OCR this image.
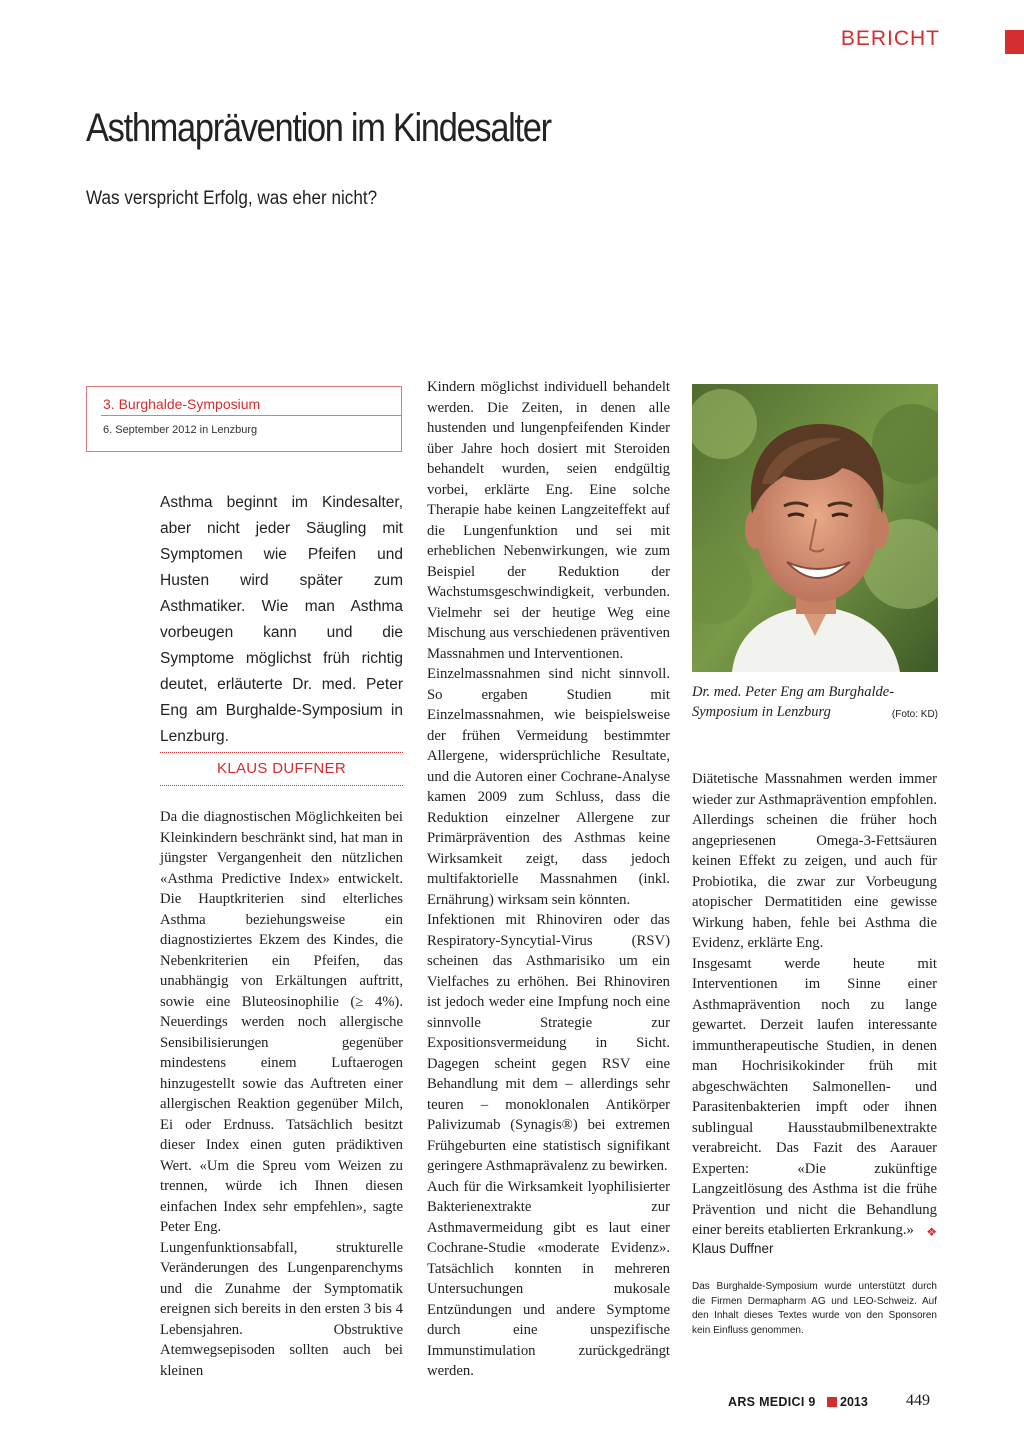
BERICHT
Asthmaprävention im Kindesalter
Was verspricht Erfolg, was eher nicht?
3. Burghalde-Symposium
6. September 2012 in Lenzburg
Asthma beginnt im Kindesalter, aber nicht jeder Säugling mit Symptomen wie Pfeifen und Husten wird später zum Asthmatiker. Wie man Asthma vorbeugen kann und die Symptome möglichst früh richtig deutet, erläuterte Dr. med. Peter Eng am Burghalde-Symposium in Lenzburg.
KLAUS DUFFNER

Da die diagnostischen Möglichkeiten bei Kleinkindern beschränkt sind, hat man in jüngster Vergangenheit den nützlichen «Asthma Predictive Index» entwickelt. Die Hauptkriterien sind elterliches Asthma beziehungsweise ein diagnostiziertes Ekzem des Kindes, die Nebenkriterien ein Pfeifen, das unabhängig von Erkältungen auftritt, sowie eine Bluteosinophilie (≥ 4%). Neuerdings werden noch allergische Sensibilisierungen gegenüber mindestens einem Luftaerogen hinzugestellt sowie das Auftreten einer allergischen Reaktion gegenüber Milch, Ei oder Erdnuss. Tatsächlich besitzt dieser Index einen guten prädiktiven Wert. «Um die Spreu vom Weizen zu trennen, würde ich Ihnen diesen einfachen Index sehr empfehlen», sagte Peter Eng.

Lungenfunktionsabfall, strukturelle Veränderungen des Lungenparenchyms und die Zunahme der Symptomatik ereignen sich bereits in den ersten 3 bis 4 Lebensjahren. Obstruktive Atemwegsepisoden sollten auch bei kleinen

Kindern möglichst individuell behandelt werden. Die Zeiten, in denen alle hustenden und lungenpfeifenden Kinder über Jahre hoch dosiert mit Steroiden behandelt wurden, seien endgültig vorbei, erklärte Eng. Eine solche Therapie habe keinen Langzeiteffekt auf die Lungenfunktion und sei mit erheblichen Nebenwirkungen, wie zum Beispiel der Reduktion der Wachstumsgeschwindigkeit, verbunden. Vielmehr sei der heutige Weg eine Mischung aus verschiedenen präventiven Massnahmen und Interventionen.

Einzelmassnahmen sind nicht sinnvoll. So ergaben Studien mit Einzelmassnahmen, wie beispielsweise der frühen Vermeidung bestimmter Allergene, widersprüchliche Resultate, und die Autoren einer Cochrane-Analyse kamen 2009 zum Schluss, dass die Reduktion einzelner Allergene zur Primärprävention des Asthmas keine Wirksamkeit zeigt, dass jedoch multifaktorielle Massnahmen (inkl. Ernährung) wirksam sein könnten.

Infektionen mit Rhinoviren oder das Respiratory-Syncytial-Virus (RSV) scheinen das Asthmarisiko um ein Vielfaches zu erhöhen. Bei Rhinoviren ist jedoch weder eine Impfung noch eine sinnvolle Strategie zur Expositionsvermeidung in Sicht. Dagegen scheint gegen RSV eine Behandlung mit dem – allerdings sehr teuren – monoklonalen Antikörper Palivizumab (Synagis®) bei extremen Frühgeburten eine statistisch signifikant geringere Asthmaprävalenz zu bewirken.

Auch für die Wirksamkeit lyophilisierter Bakterienextrakte zur Asthmavermeidung gibt es laut einer Cochrane-Studie «moderate Evidenz». Tatsächlich konnten in mehreren Untersuchungen mukosale Entzündungen und andere Symptome durch eine unspezifische Immunstimulation zurückgedrängt werden.

Dr. med. Peter Eng am Burghalde-Symposium in Lenzburg	(Foto: KD)

Diätetische Massnahmen werden immer wieder zur Asthmaprävention empfohlen. Allerdings scheinen die früher hoch angepriesenen Omega-3-Fettsäuren keinen Effekt zu zeigen, und auch für Probiotika, die zwar zur Vorbeugung atopischer Dermatitiden eine gewisse Wirkung haben, fehle bei Asthma die Evidenz, erklärte Eng.

Insgesamt werde heute mit Interventionen im Sinne einer Asthmaprävention noch zu lange gewartet. Derzeit laufen interessante immuntherapeutische Studien, in denen man Hochrisikokinder früh mit abgeschwächten Salmonellen- und Parasitenbakterien impft oder ihnen sublingual Hausstaubmilbenextrakte verabreicht. Das Fazit des Aarauer Experten: «Die zukünftige Langzeitlösung des Asthma ist die frühe Prävention und nicht die Behandlung einer bereits etablierten Erkrankung.» ❖

Klaus Duffner
Das Burghalde-Symposium wurde unterstützt durch die Firmen Dermapharm AG und LEO-Schweiz. Auf den Inhalt dieses Textes wurde von den Sponsoren kein Einfluss genommen.
ARS MEDICI 9 2013 449
